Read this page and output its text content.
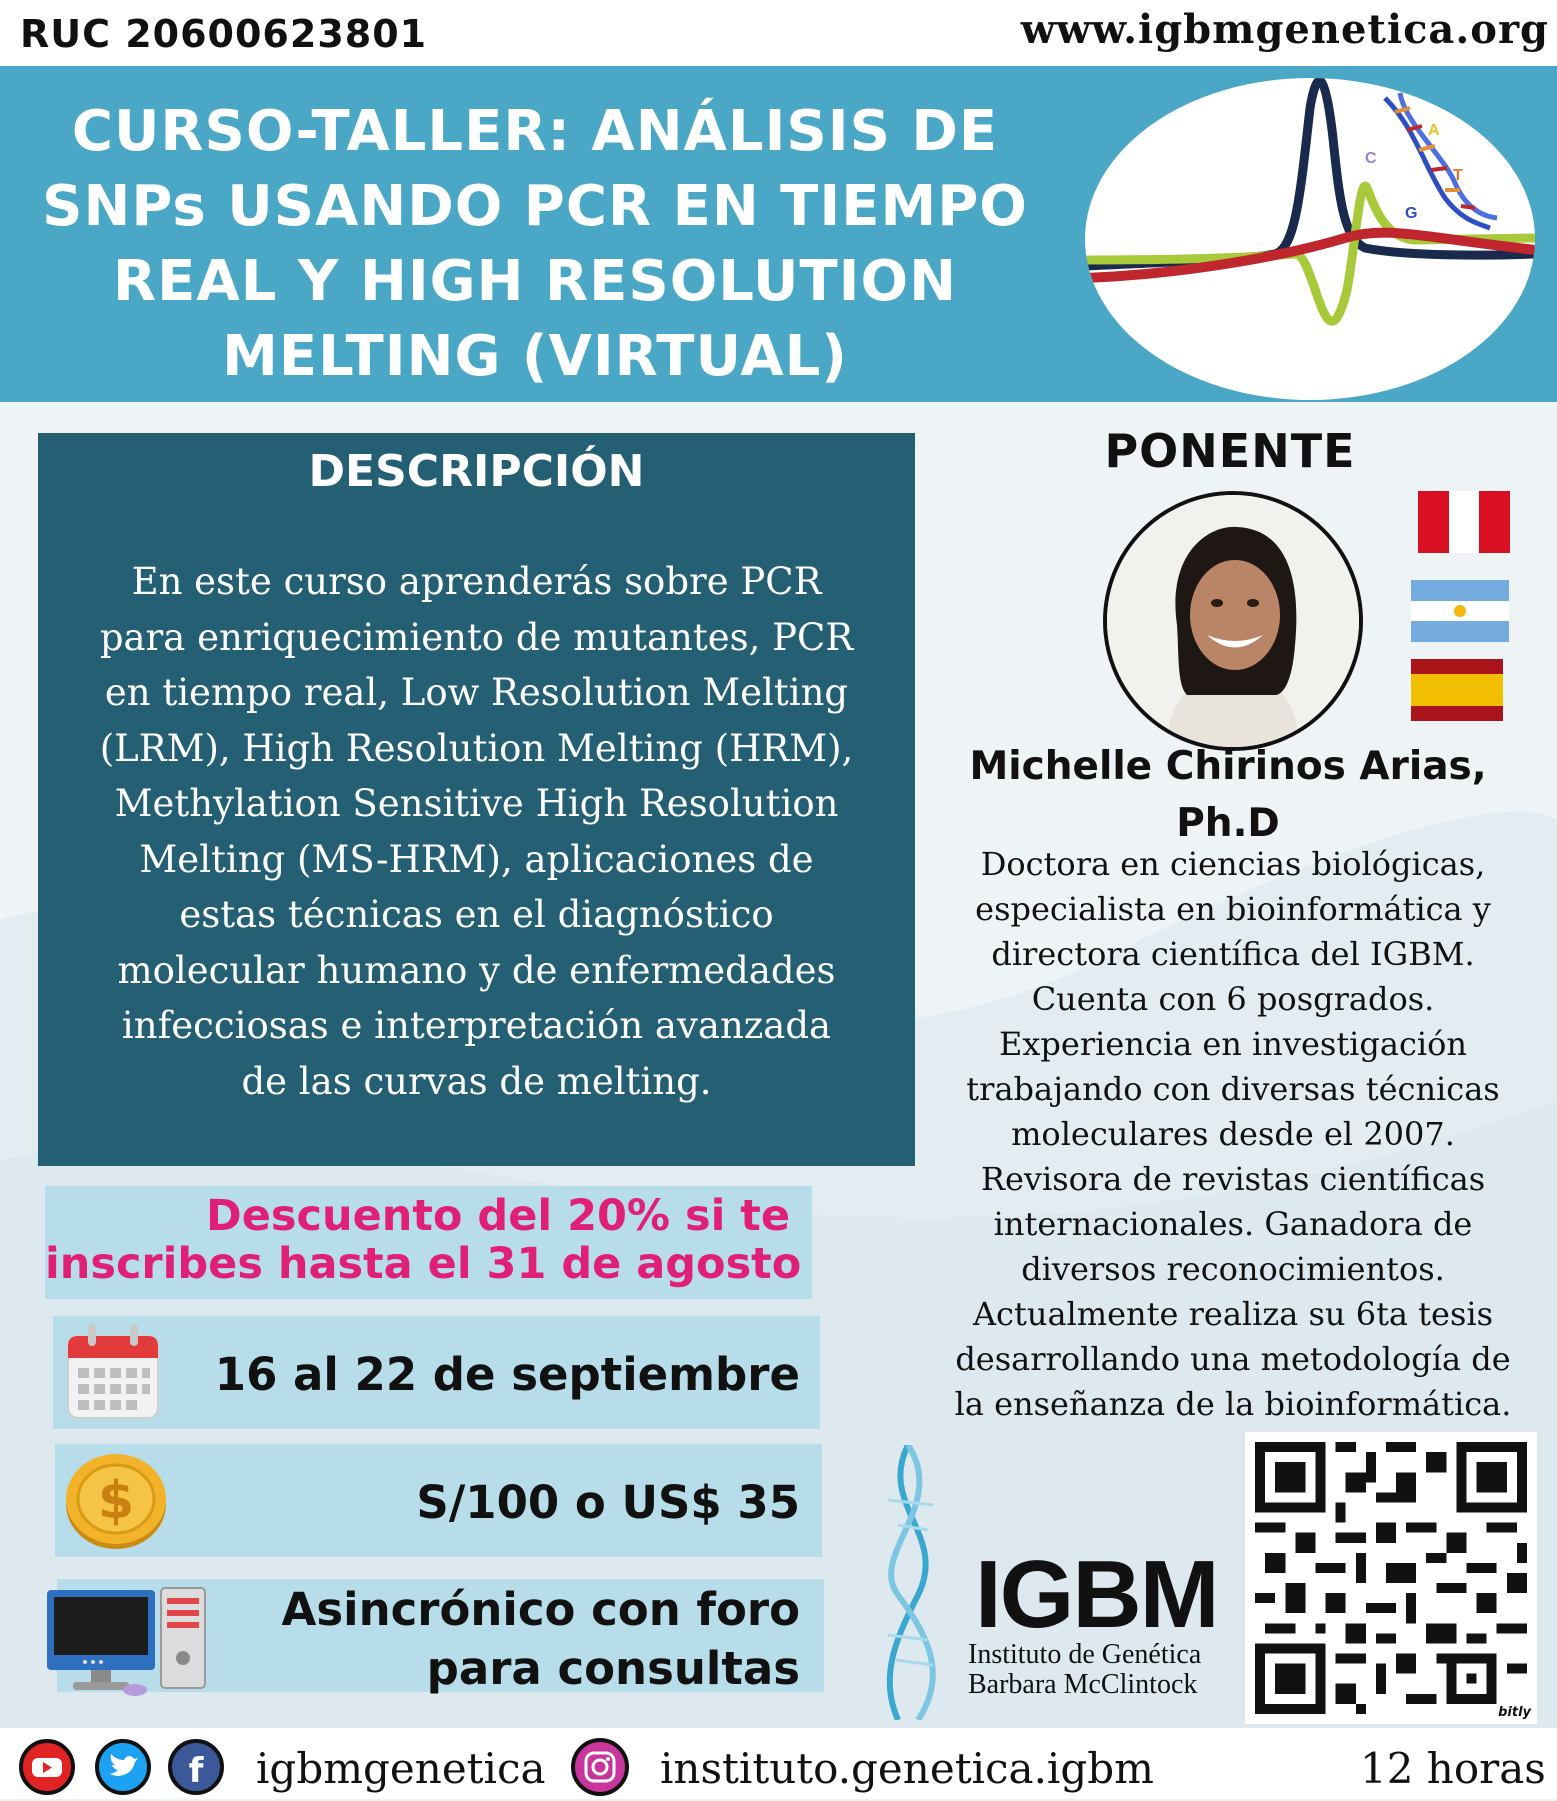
RUC 20600623801	www.igbmgenetica.org
CURSO-TALLER: ANÁLISIS DE
SNPs USANDO PCR EN TIEMPO
REAL Y HIGH RESOLUTION
MELTING (VIRTUAL)
C
A
T
G
DESCRIPCIÓN
En este curso aprenderás sobre PCR
para enriquecimiento de mutantes, PCR
en tiempo real, Low Resolution Melting
(LRM), High Resolution Melting (HRM),
Methylation Sensitive High Resolution
Melting (MS-HRM), aplicaciones de
estas técnicas en el diagnóstico
molecular humano y de enfermedades
infecciosas e interpretación avanzada
de las curvas de melting.
Descuento del 20% si te
inscribes hasta el 31 de agosto
16 al 22 de septiembre
$	S/100 o US$ 35
Asincrónico con foro
para consultas
PONENTE
Michelle Chirinos Arias,
Ph.D
Doctora en ciencias biológicas,
especialista en bioinformática y
directora científica del IGBM.
Cuenta con 6 posgrados.
Experiencia en investigación
trabajando con diversas técnicas
moleculares desde el 2007.
Revisora de revistas científicas
internacionales. Ganadora de
diversos reconocimientos.
Actualmente realiza su 6ta tesis
desarrollando una metodología de
la enseñanza de la bioinformática.
IGBM
Instituto de Genética
Barbara McClintock
bitly
f igbmgenetica	instituto.genetica.igbm	12 horas
